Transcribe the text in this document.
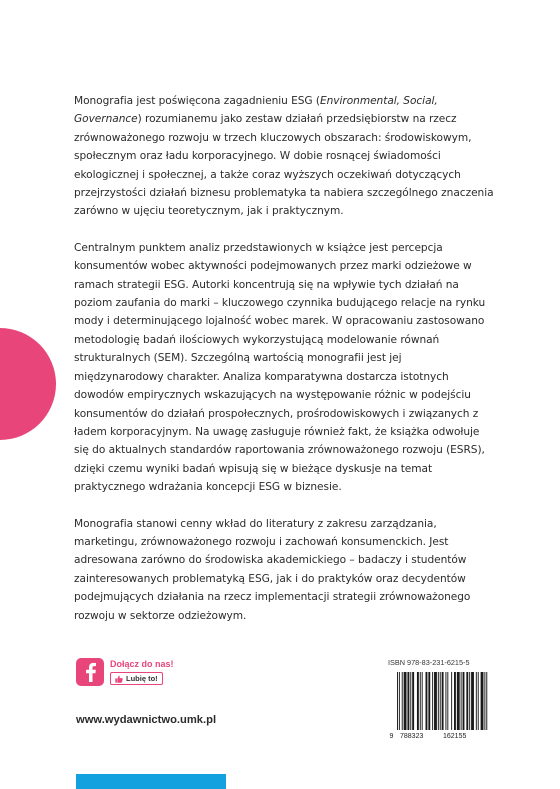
Monografia jest poświęcona zagadnieniu ESG (Environmental, Social, Governance) rozumianemu jako zestaw działań przedsiębiorstw na rzecz zrównoważonego rozwoju w trzech kluczowych obszarach: środowiskowym, społecznym oraz ładu korporacyjnego. W dobie rosnącej świadomości ekologicznej i społecznej, a także coraz wyższych oczekiwań dotyczących przejrzystości działań biznesu problematyka ta nabiera szczególnego znaczenia zarówno w ujęciu teoretycznym, jak i praktycznym.

Centralnym punktem analiz przedstawionych w książce jest percepcja konsumentów wobec aktywności podejmowanych przez marki odzieżowe w ramach strategii ESG. Autorki koncentrują się na wpływie tych działań na poziom zaufania do marki – kluczowego czynnika budującego relacje na rynku mody i determinującego lojalność wobec marek. W opracowaniu zastosowano metodologię badań ilościowych wykorzystującą modelowanie równań strukturalnych (SEM). Szczególną wartością monografii jest jej międzynarodowy charakter. Analiza komparatywna dostarcza istotnych dowodów empirycznych wskazujących na występowanie różnic w podejściu konsumentów do działań prospołecznych, prośrodowiskowych i związanych z ładem korporacyjnym. Na uwagę zasługuje również fakt, że książka odwołuje się do aktualnych standardów raportowania zrównoważonego rozwoju (ESRS), dzięki czemu wyniki badań wpisują się w bieżące dyskusje na temat praktycznego wdrażania koncepcji ESG w biznesie.

Monografia stanowi cenny wkład do literatury z zakresu zarządzania, marketingu, zrównoważonego rozwoju i zachowań konsumenckich. Jest adresowana zarówno do środowiska akademickiego – badaczy i studentów zainteresowanych problematyką ESG, jak i do praktyków oraz decydentów podejmujących działania na rzecz implementacji strategii zrównoważonego rozwoju w sektorze odzieżowym.

Dołącz do nas!
Lubię to!
www.wydawnictwo.umk.pl
ISBN 978-83-231-6215-5
9 788323	162155
